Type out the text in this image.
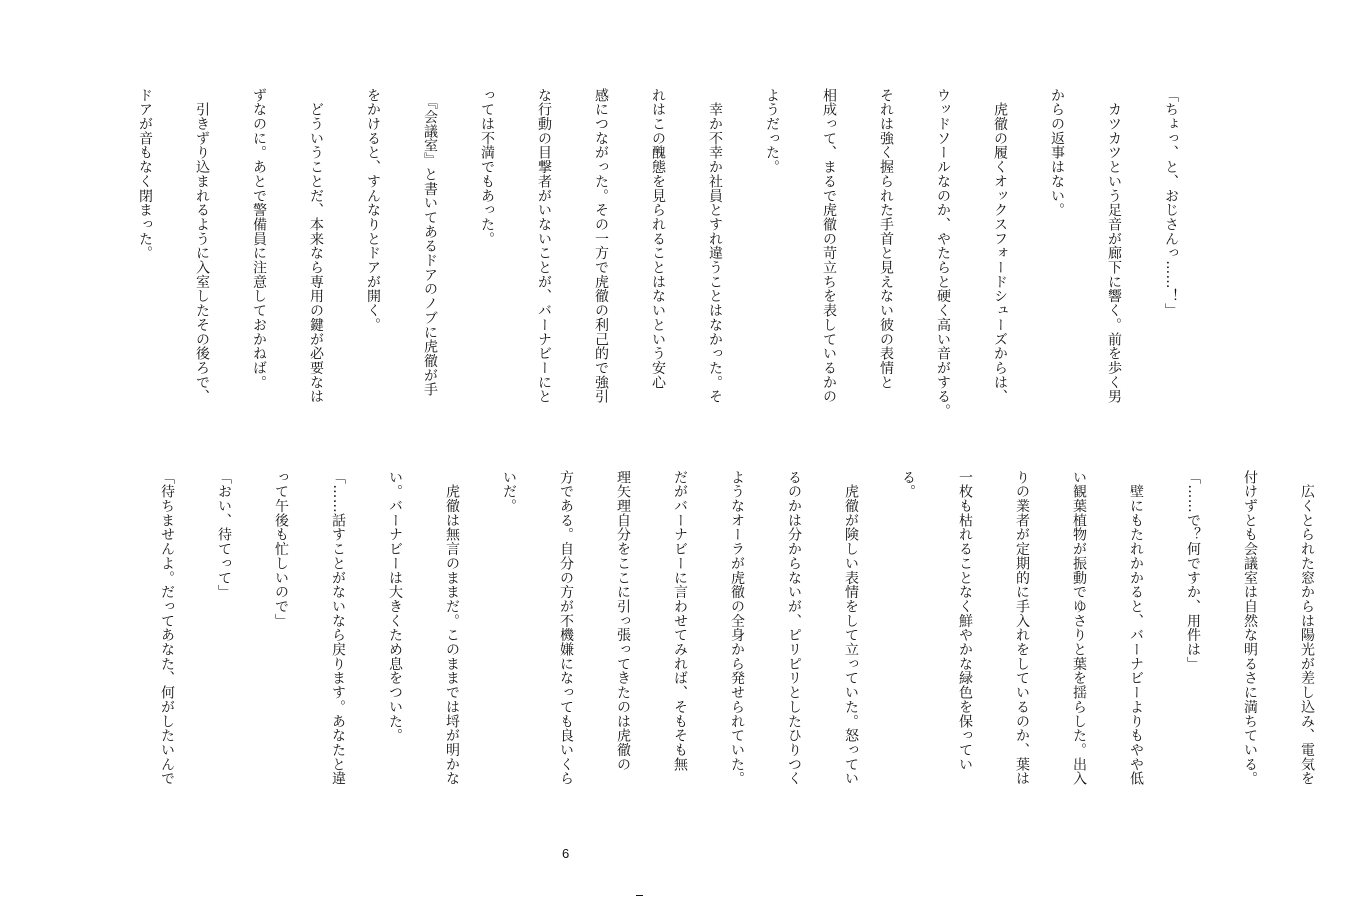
「ちょっ、と、おじさんっ……！」

　カツカツという足音が廊下に響く。前を歩く男

からの返事はない。

　虎徹の履くオックスフォードシューズからは、

ウッドソールなのか、やたらと硬く高い音がする。

それは強く握られた手首と見えない彼の表情と

相成って、まるで虎徹の苛立ちを表しているかの

ようだった。

　幸か不幸か社員とすれ違うことはなかった。そ

れはこの醜態を見られることはないという安心

感につながった。その一方で虎徹の利己的で強引

な行動の目撃者がいないことが、バーナビーにと

っては不満でもあった。

　『会議室』と書いてあるドアのノブに虎徹が手

をかけると、すんなりとドアが開く。

　どういうことだ、本来なら専用の鍵が必要なは

ずなのに。あとで警備員に注意しておかねば。

　引きずり込まれるように入室したその後ろで、

ドアが音もなく閉まった。

　広くとられた窓からは陽光が差し込み、電気を

付けずとも会議室は自然な明るさに満ちている。

「……で？何ですか、用件は」

　壁にもたれかかると、バーナビーよりもやや低

い観葉植物が振動でゆさりと葉を揺らした。出入

りの業者が定期的に手入れをしているのか、葉は

一枚も枯れることなく鮮やかな緑色を保ってい

る。

　虎徹が険しい表情をして立っていた。怒ってい

るのかは分からないが、ピリピリとしたひりつく

ようなオーラが虎徹の全身から発せられていた。

だがバーナビーに言わせてみれば、そもそも無

理矢理自分をここに引っ張ってきたのは虎徹の

方である。自分の方が不機嫌になっても良いくら

いだ。

　虎徹は無言のままだ。このままでは埒が明かな

い。バーナビーは大きくため息をついた。

「……話すことがないなら戻ります。あなたと違

って午後も忙しいので」

「おい、待てって」

「待ちませんよ。だってあなた、何がしたいんで

6
